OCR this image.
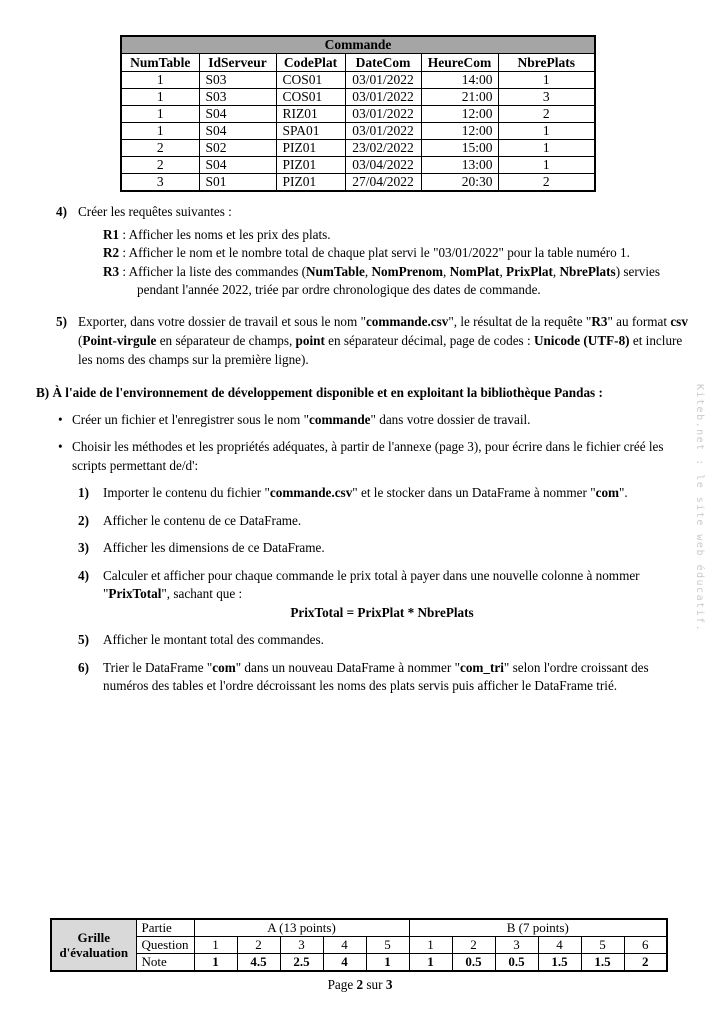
Commande					
NumTable	IdServeur	CodePlat	DateCom	HeureCom	NbrePlats
1	S03	COS01	03/01/2022	14:00	1
1	S03	COS01	03/01/2022	21:00	3
1	S04	RIZ01	03/01/2022	12:00	2
1	S04	SPA01	03/01/2022	12:00	1
2	S02	PIZ01	23/02/2022	15:00	1
2	S04	PIZ01	03/04/2022	13:00	1
3	S01	PIZ01	27/04/2022	20:30	2
4) Créer les requêtes suivantes :
R1 : Afficher les noms et les prix des plats.
R2 : Afficher le nom et le nombre total de chaque plat servi le "03/01/2022" pour la table numéro 1.
R3 : Afficher la liste des commandes (NumTable, NomPrenom, NomPlat, PrixPlat, NbrePlats) servies pendant l'année 2022, triée par ordre chronologique des dates de commande.
5) Exporter, dans votre dossier de travail et sous le nom "commande.csv", le résultat de la requête "R3" au format csv (Point-virgule en séparateur de champs, point en séparateur décimal, page de codes : Unicode (UTF-8) et inclure les noms des champs sur la première ligne).
B) À l'aide de l'environnement de développement disponible et en exploitant la bibliothèque Pandas :
•
Créer un fichier et l'enregistrer sous le nom "commande" dans votre dossier de travail.
•
Choisir les méthodes et les propriétés adéquates, à partir de l'annexe (page 3), pour écrire dans le fichier créé les scripts permettant de/d':
1)	Importer le contenu du fichier "commande.csv" et le stocker dans un DataFrame à nommer "com".
2)	Afficher le contenu de ce DataFrame.
3)	Afficher les dimensions de ce DataFrame.
4)	Calculer et afficher pour chaque commande le prix total à payer dans une nouvelle colonne à nommer "PrixTotal", sachant que :
PrixTotal = PrixPlat * NbrePlats
5)	Afficher le montant total des commandes.
6)	Trier le DataFrame "com" dans un nouveau DataFrame à nommer "com_tri" selon l'ordre croissant des numéros des tables et l'ordre décroissant les noms des plats servis puis afficher le DataFrame trié.
Grille d'évaluation	Partie	A (13 points)					B (7 points)					
	Question	1	2	3	4	5	1	2	3	4	5	6
	Note	1	4.5	2.5	4	1	1	0.5	0.5	1.5	1.5	2
Page 2 sur 3
Kiteb.net : le site web éducatif.
